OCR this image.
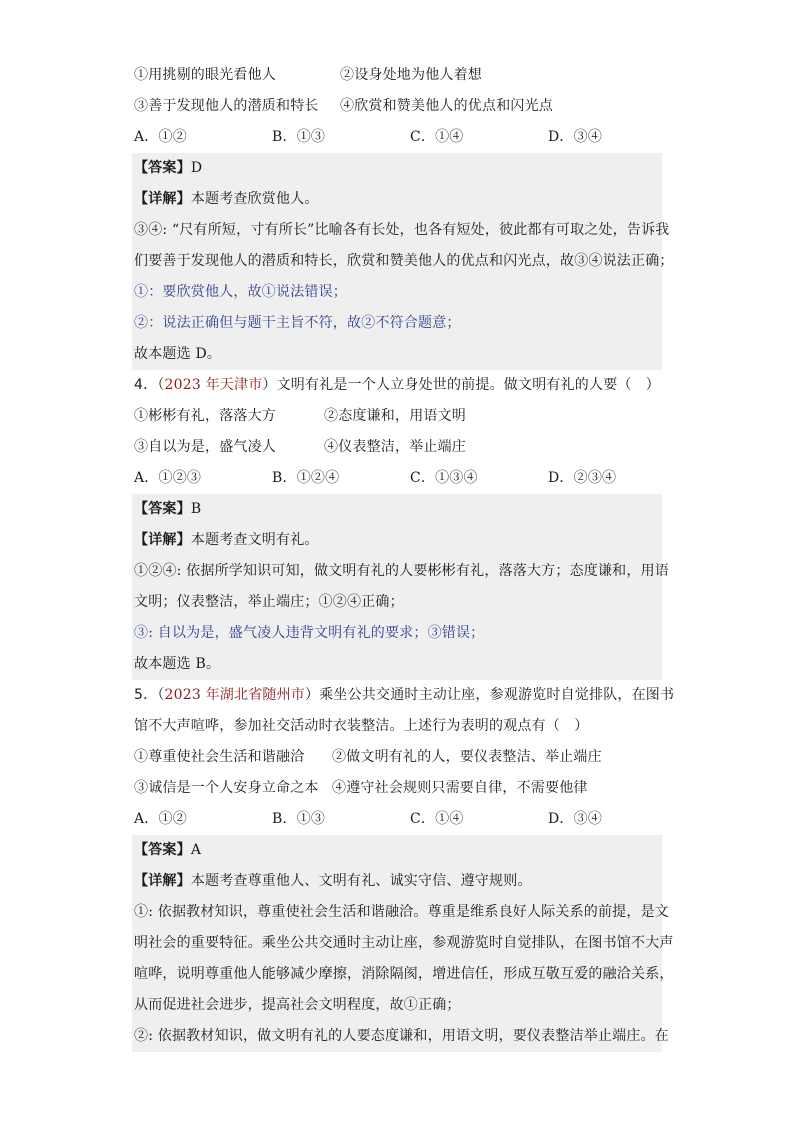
①用挑剔的眼光看他人	②设身处地为他人着想
③善于发现他人的潜质和特长	④欣赏和赞美他人的优点和闪光点
A．①②	B．①③	C．①④	D．③④
【答案】D
【详解】本题考查欣赏他人。
③④: “尺有所短，寸有所长”比喻各有长处，也各有短处，彼此都有可取之处，告诉我
们要善于发现他人的潜质和特长，欣赏和赞美他人的优点和闪光点，故③④说法正确；
①：要欣赏他人，故①说法错误；
②：说法正确但与题干主旨不符，故②不符合题意；
故本题选 D。
4．（2023 年天津市）文明有礼是一个人立身处世的前提。做文明有礼的人要（　）
①彬彬有礼，落落大方	②态度谦和，用语文明
③自以为是，盛气凌人	④仪表整洁，举止端庄
A．①②③	B．①②④	C．①③④	D．②③④
【答案】B
【详解】本题考查文明有礼。
①②④: 依据所学知识可知，做文明有礼的人要彬彬有礼，落落大方；态度谦和，用语
文明；仪表整洁，举止端庄；①②④正确；
③: 自以为是，盛气凌人违背文明有礼的要求；③错误；
故本题选 B。
5．（2023 年湖北省随州市）乘坐公共交通时主动让座，参观游览时自觉排队，在图书
馆不大声喧哗，参加社交活动时衣装整洁。上述行为表明的观点有（　）
①尊重使社会生活和谐融洽	②做文明有礼的人，要仪表整洁、举止端庄
③诚信是一个人安身立命之本 ④遵守社会规则只需要自律，不需要他律
A．①②	B．①③	C．①④	D．③④
【答案】A
【详解】本题考查尊重他人、文明有礼、诚实守信、遵守规则。
①: 依据教材知识，尊重使社会生活和谐融洽。尊重是维系良好人际关系的前提，是文
明社会的重要特征。乘坐公共交通时主动让座，参观游览时自觉排队，在图书馆不大声
喧哗，说明尊重他人能够减少摩擦，消除隔阂，增进信任，形成互敬互爱的融洽关系，
从而促进社会进步，提高社会文明程度，故①正确；
②: 依据教材知识，做文明有礼的人要态度谦和，用语文明，要仪表整洁举止端庄。在
